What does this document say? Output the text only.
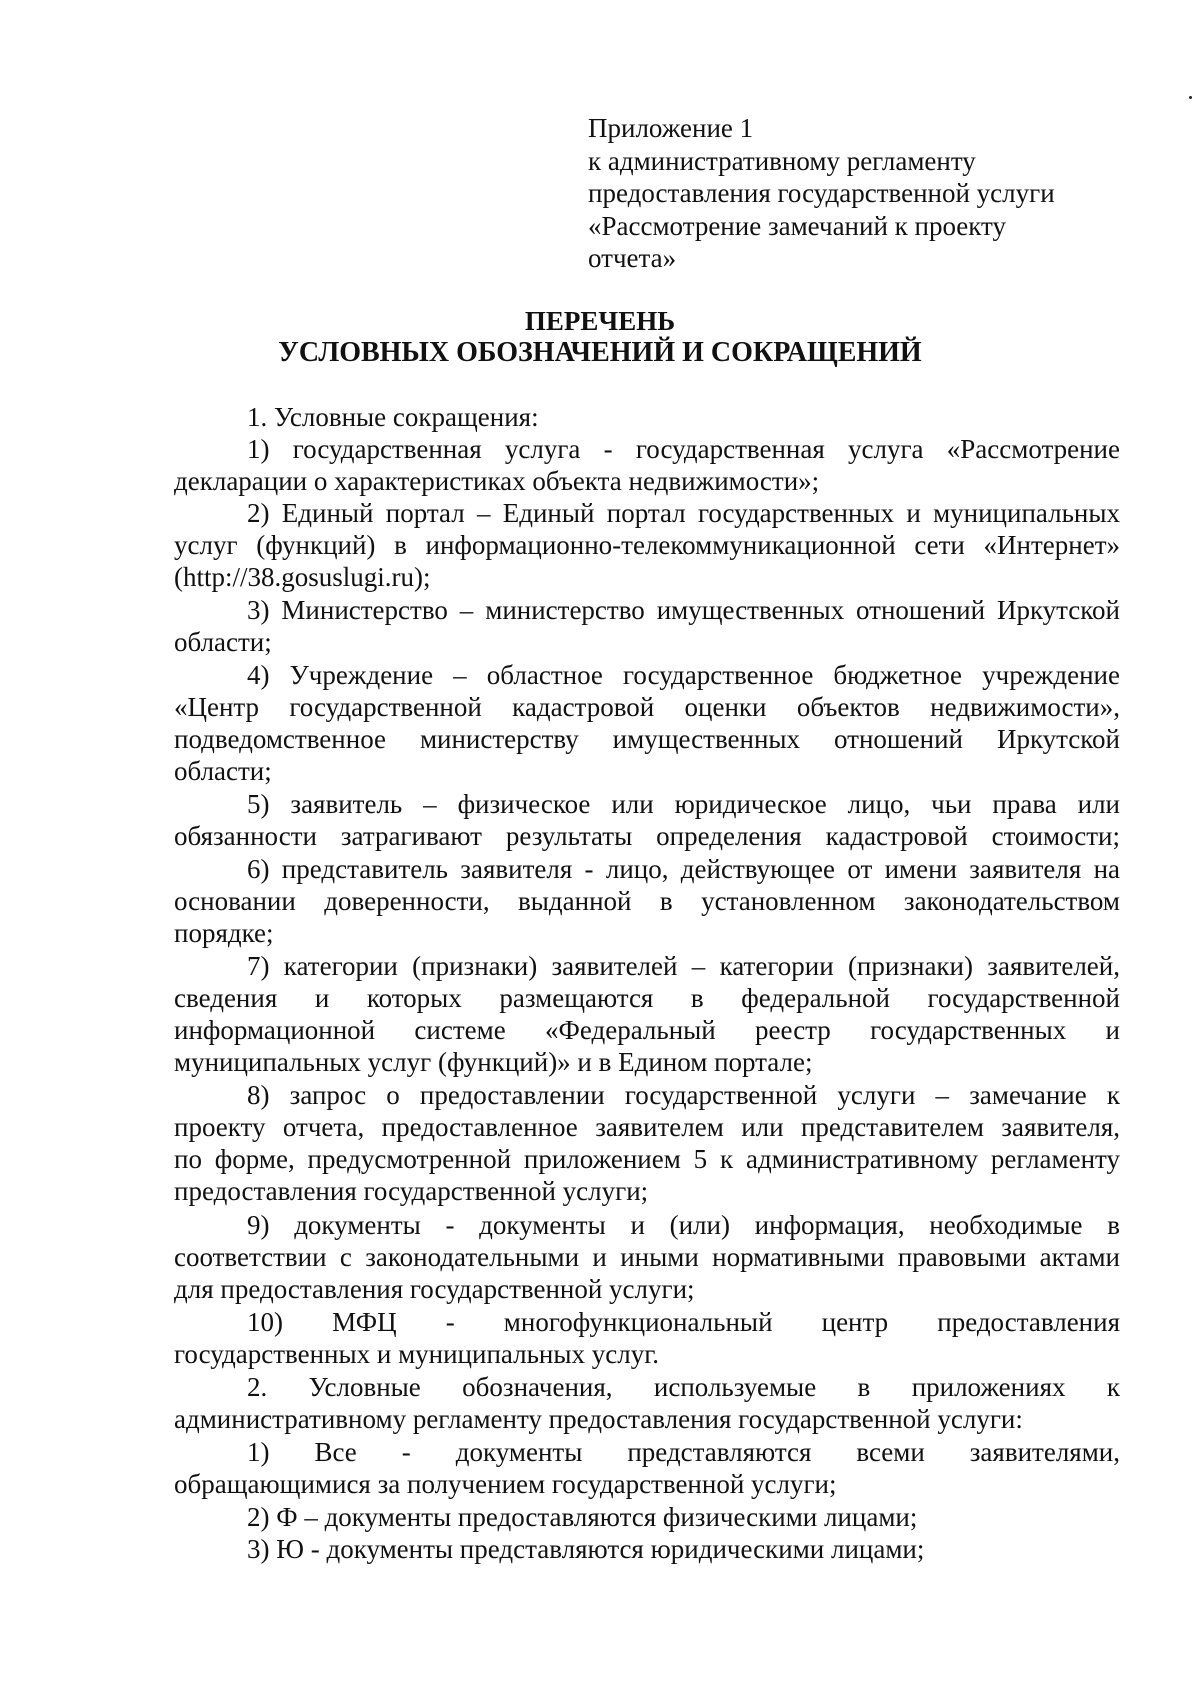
Приложение 1
к административному регламенту
предоставления государственной услуги
«Рассмотрение замечаний к проекту
отчета»
ПЕРЕЧЕНЬ
УСЛОВНЫХ ОБОЗНАЧЕНИЙ И СОКРАЩЕНИЙ
1. Условные сокращения:
1) государственная услуга - государственная услуга «Рассмотрение
декларации о характеристиках объекта недвижимости»;
2) Единый портал – Единый портал государственных и муниципальных
услуг (функций) в информационно-телекоммуникационной сети «Интернет»
(http://38.gosuslugi.ru);
3) Министерство – министерство имущественных отношений Иркутской
области;
4) Учреждение – областное государственное бюджетное учреждение
«Центр государственной кадастровой оценки объектов недвижимости»,
подведомственное министерству имущественных отношений Иркутской
области;
5) заявитель – физическое или юридическое лицо, чьи права или
обязанности затрагивают результаты определения кадастровой стоимости;
6) представитель заявителя - лицо, действующее от имени заявителя на
основании доверенности, выданной в установленном законодательством
порядке;
7) категории (признаки) заявителей – категории (признаки) заявителей,
сведения и которых размещаются в федеральной государственной
информационной системе «Федеральный реестр государственных и
муниципальных услуг (функций)» и в Едином портале;
8) запрос о предоставлении государственной услуги – замечание к
проекту отчета, предоставленное заявителем или представителем заявителя,
по форме, предусмотренной приложением 5 к административному регламенту
предоставления государственной услуги;
9) документы - документы и (или) информация, необходимые в
соответствии с законодательными и иными нормативными правовыми актами
для предоставления государственной услуги;
10) МФЦ - многофункциональный центр предоставления
государственных и муниципальных услуг.
2. Условные обозначения, используемые в приложениях к
административному регламенту предоставления государственной услуги:
1) Все - документы представляются всеми заявителями,
обращающимися за получением государственной услуги;
2) Ф – документы предоставляются физическими лицами;
3) Ю - документы представляются юридическими лицами;
